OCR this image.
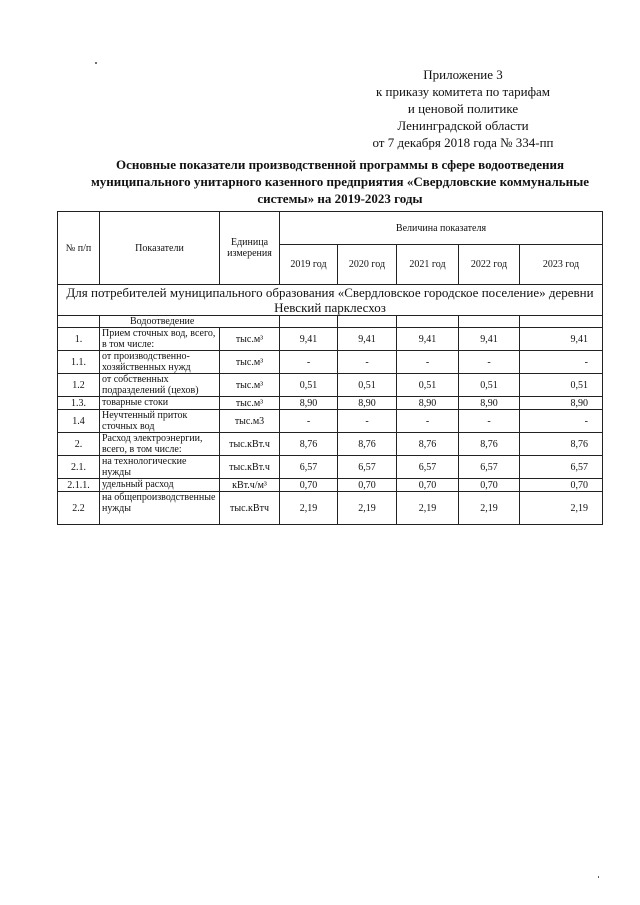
Приложение 3
к приказу комитета по тарифам
и ценовой политике
Ленинградской области
от 7 декабря 2018 года № 334-пп
Основные показатели производственной программы в сфере водоотведения
муниципального унитарного казенного предприятия «Свердловские коммунальные
системы» на 2019-2023 годы
№ п/п	Показатели	Единица измерения	Величина показателя				
			2019 год	2020 год	2021 год	2022 год	2023 год
Для потребителей муниципального образования «Свердловское городское поселение» деревни Невский парклесхоз							
	Водоотведение						
1.	Прием сточных вод, всего, в том числе:	тыс.м³	9,41	9,41	9,41	9,41	9,41
1.1.	от производственно-хозяйственных нужд	тыс.м³	-	-	-	-	-
1.2	от собственных подразделений (цехов)	тыс.м³	0,51	0,51	0,51	0,51	0,51
1.3.	товарные стоки	тыс.м³	8,90	8,90	8,90	8,90	8,90
1.4	Неучтенный приток сточных вод	тыс.м3	-	-	-	-	-
2.	Расход электроэнергии, всего, в том числе:	тыс.кВт.ч	8,76	8,76	8,76	8,76	8,76
2.1.	на технологические нужды	тыс.кВт.ч	6,57	6,57	6,57	6,57	6,57
2.1.1.	удельный расход	кВт.ч/м³	0,70	0,70	0,70	0,70	0,70
2.2	на общепроизводственные нужды	тыс.кВтч	2,19	2,19	2,19	2,19	2,19
